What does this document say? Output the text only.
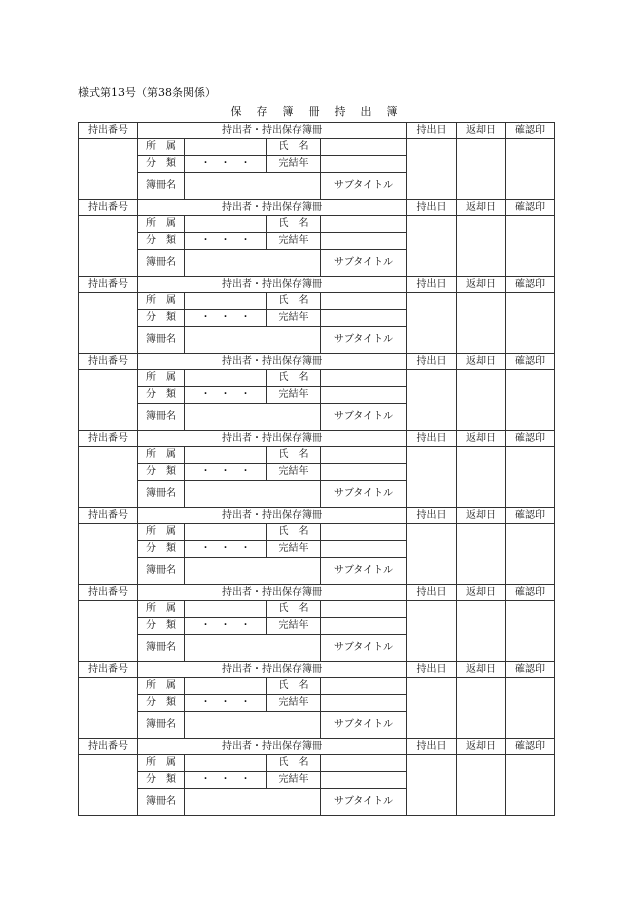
様式第13号（第38条関係）
保　存　簿　冊　持　出　簿
持出番号	持出者・持出保存簿冊				持出日	返却日	確認印
	所　属		氏　名				
	分　類	・　・　・	完結年				
	簿冊名			サブタイトル			
持出番号	持出者・持出保存簿冊				持出日	返却日	確認印
	所　属		氏　名				
	分　類	・　・　・	完結年				
	簿冊名			サブタイトル			
持出番号	持出者・持出保存簿冊				持出日	返却日	確認印
	所　属		氏　名				
	分　類	・　・　・	完結年				
	簿冊名			サブタイトル			
持出番号	持出者・持出保存簿冊				持出日	返却日	確認印
	所　属		氏　名				
	分　類	・　・　・	完結年				
	簿冊名			サブタイトル			
持出番号	持出者・持出保存簿冊				持出日	返却日	確認印
	所　属		氏　名				
	分　類	・　・　・	完結年				
	簿冊名			サブタイトル			
持出番号	持出者・持出保存簿冊				持出日	返却日	確認印
	所　属		氏　名				
	分　類	・　・　・	完結年				
	簿冊名			サブタイトル			
持出番号	持出者・持出保存簿冊				持出日	返却日	確認印
	所　属		氏　名				
	分　類	・　・　・	完結年				
	簿冊名			サブタイトル			
持出番号	持出者・持出保存簿冊				持出日	返却日	確認印
	所　属		氏　名				
	分　類	・　・　・	完結年				
	簿冊名			サブタイトル			
持出番号	持出者・持出保存簿冊				持出日	返却日	確認印
	所　属		氏　名				
	分　類	・　・　・	完結年				
	簿冊名			サブタイトル			
